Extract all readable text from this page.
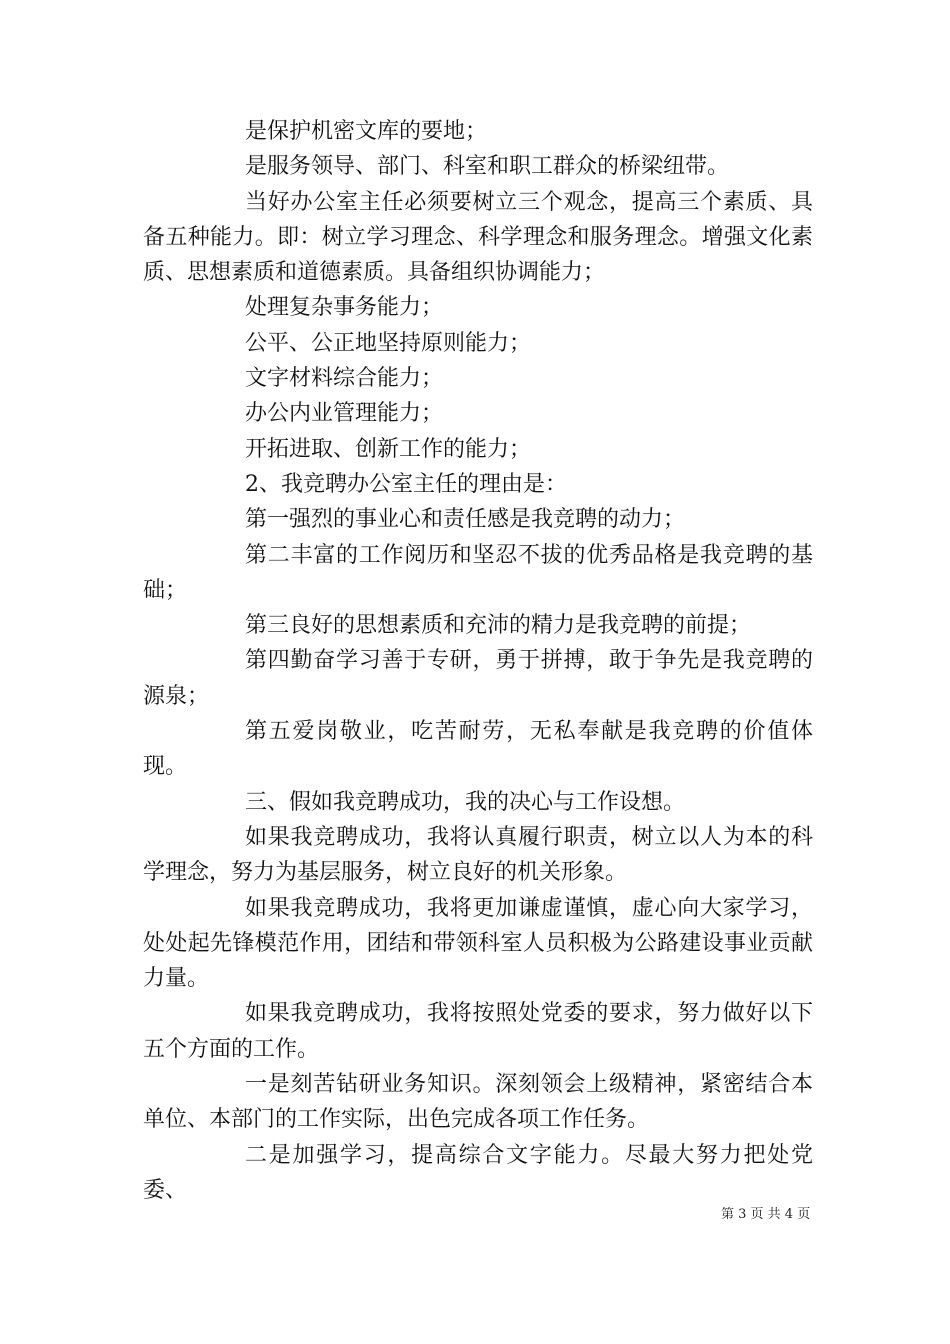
是保护机密文库的要地；

是服务领导、部门、科室和职工群众的桥梁纽带。

当好办公室主任必须要树立三个观念，提高三个素质、具备五种能力。即：树立学习理念、科学理念和服务理念。增强文化素质、思想素质和道德素质。具备组织协调能力；

处理复杂事务能力；

公平、公正地坚持原则能力；

文字材料综合能力；

办公内业管理能力；

开拓进取、创新工作的能力；

2、我竞聘办公室主任的理由是：

第一强烈的事业心和责任感是我竞聘的动力；

第二丰富的工作阅历和坚忍不拔的优秀品格是我竞聘的基础；

第三良好的思想素质和充沛的精力是我竞聘的前提；

第四勤奋学习善于专研，勇于拼搏，敢于争先是我竞聘的源泉；

第五爱岗敬业，吃苦耐劳，无私奉献是我竞聘的价值体现。

三、假如我竞聘成功，我的决心与工作设想。

如果我竞聘成功，我将认真履行职责，树立以人为本的科学理念，努力为基层服务，树立良好的机关形象。

如果我竞聘成功，我将更加谦虚谨慎，虚心向大家学习，处处起先锋模范作用，团结和带领科室人员积极为公路建设事业贡献力量。

如果我竞聘成功，我将按照处党委的要求，努力做好以下五个方面的工作。

一是刻苦钻研业务知识。深刻领会上级精神，紧密结合本单位、本部门的工作实际，出色完成各项工作任务。

二是加强学习，提高综合文字能力。尽最大努力把处党委、

第 3 页 共 4 页
